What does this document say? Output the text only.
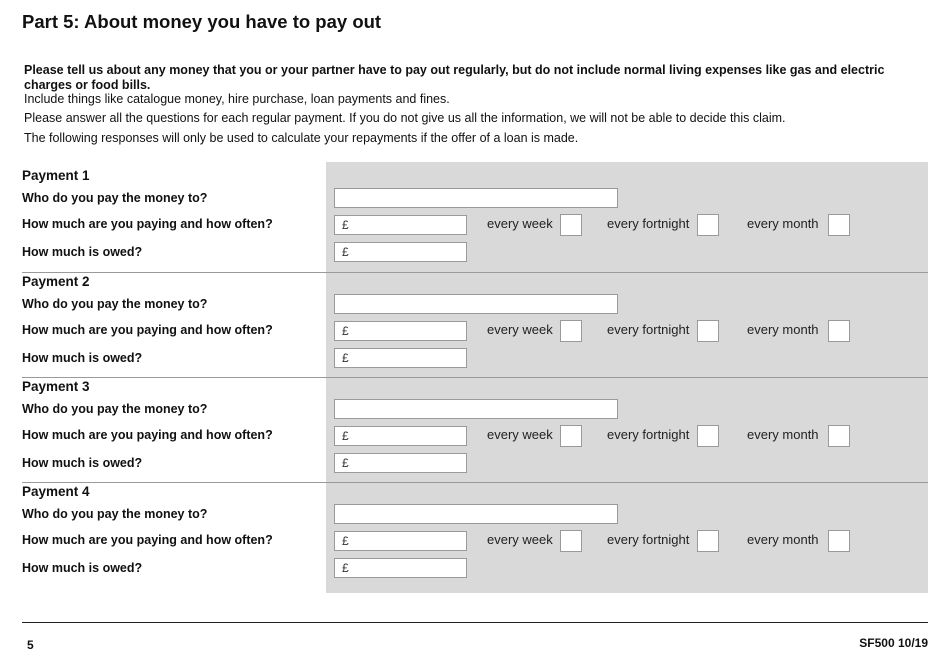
Part 5: About money you have to pay out
Please tell us about any money that you or your partner have to pay out regularly, but do not include normal living expenses like gas and electric charges or food bills.
Include things like catalogue money, hire purchase, loan payments and fines.
Please answer all the questions for each regular payment. If you do not give us all the information, we will not be able to decide this claim.
The following responses will only be used to calculate your repayments if the offer of a loan is made.
Payment 1
Who do you pay the money to?
How much are you paying and how often?	£	every week	every fortnight	every month
How much is owed?	£
Payment 2
Who do you pay the money to?
How much are you paying and how often?	£	every week	every fortnight	every month
How much is owed?	£
Payment 3
Who do you pay the money to?
How much are you paying and how often?	£	every week	every fortnight	every month
How much is owed?	£
Payment 4
Who do you pay the money to?
How much are you paying and how often?	£	every week	every fortnight	every month
How much is owed?	£
5	SF500 10/19
